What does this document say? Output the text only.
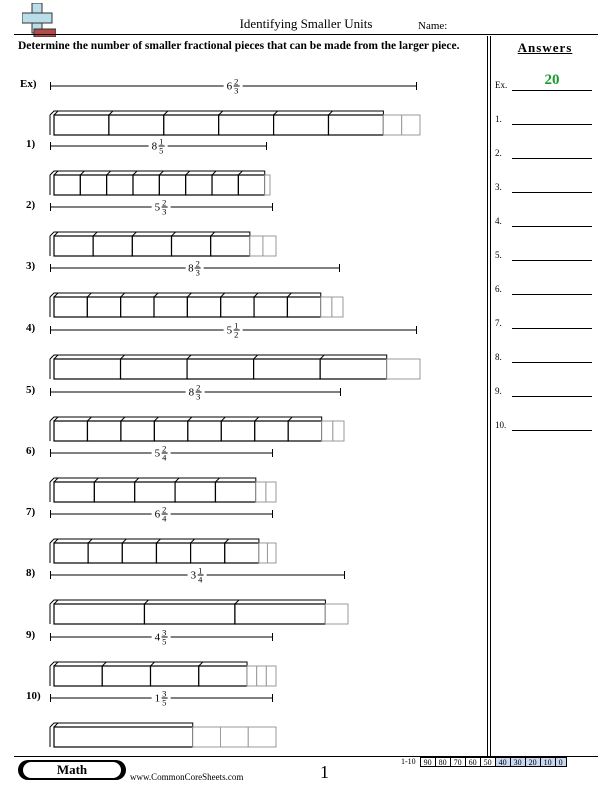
Identifying Smaller Units	Name:
Determine the number of smaller fractional pieces that can be made from the larger piece.	Answers
Ex)	$6 \frac{2}{3}$
1)	$8 \frac{1}{5}$
2)	$5 \frac{2}{3}$
3)	$8 \frac{2}{3}$
4)	$5 \frac{1}{2}$
5)	$8 \frac{2}{3}$
6)	$5 \frac{2}{4}$
7)	$6 \frac{2}{4}$
8)	$3 \frac{1}{4}$
9)	$4 \frac{3}{5}$
10)	$1 \frac{3}{5}$
Ex.	20
1.
2.
3.
4.
5.
6.
7.
8.
9.
10.
Math	www.CommonCoreSheets.com	1
1-10	90 80 70 60 50 40 30 20 10 0
